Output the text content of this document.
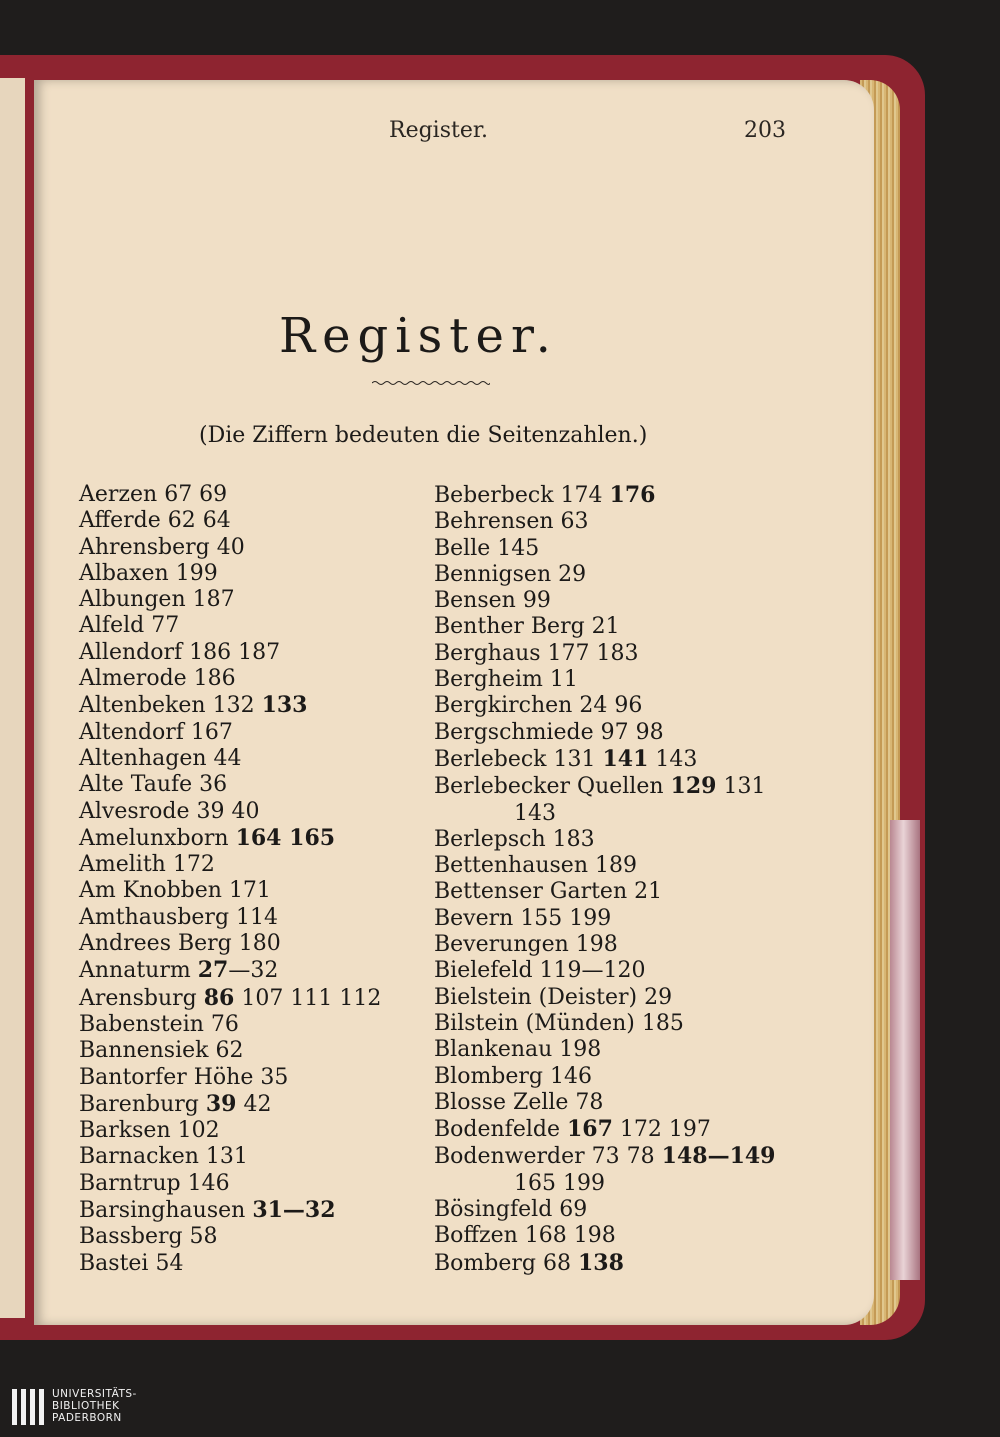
Register.	203
Register.
(Die Ziffern bedeuten die Seitenzahlen.)
Aerzen 67 69
Afferde 62 64
Ahrensberg 40
Albaxen 199
Albungen 187
Alfeld 77
Allendorf 186 187
Almerode 186
Altenbeken 132 133
Altendorf 167
Altenhagen 44
Alte Taufe 36
Alvesrode 39 40
Amelunxborn 164 165
Amelith 172
Am Knobben 171
Amthausberg 114
Andrees Berg 180
Annaturm 27—32
Arensburg 86 107 111 112
Babenstein 76
Bannensiek 62
Bantorfer Höhe 35
Barenburg 39 42
Barksen 102
Barnacken 131
Barntrup 146
Barsinghausen 31—32
Bassberg 58
Bastei 54
Beberbeck 174 176
Behrensen 63
Belle 145
Bennigsen 29
Bensen 99
Benther Berg 21
Berghaus 177 183
Bergheim 11
Bergkirchen 24 96
Bergschmiede 97 98
Berlebeck 131 141 143
Berlebecker Quellen 129 131
143
Berlepsch 183
Bettenhausen 189
Bettenser Garten 21
Bevern 155 199
Beverungen 198
Bielefeld 119—120
Bielstein (Deister) 29
Bilstein (Münden) 185
Blankenau 198
Blomberg 146
Blosse Zelle 78
Bodenfelde 167 172 197
Bodenwerder 73 78 148—149
165 199
Bösingfeld 69
Boffzen 168 198
Bomberg 68 138
UNIVERSITÄTS-
BIBLIOTHEK
PADERBORN
